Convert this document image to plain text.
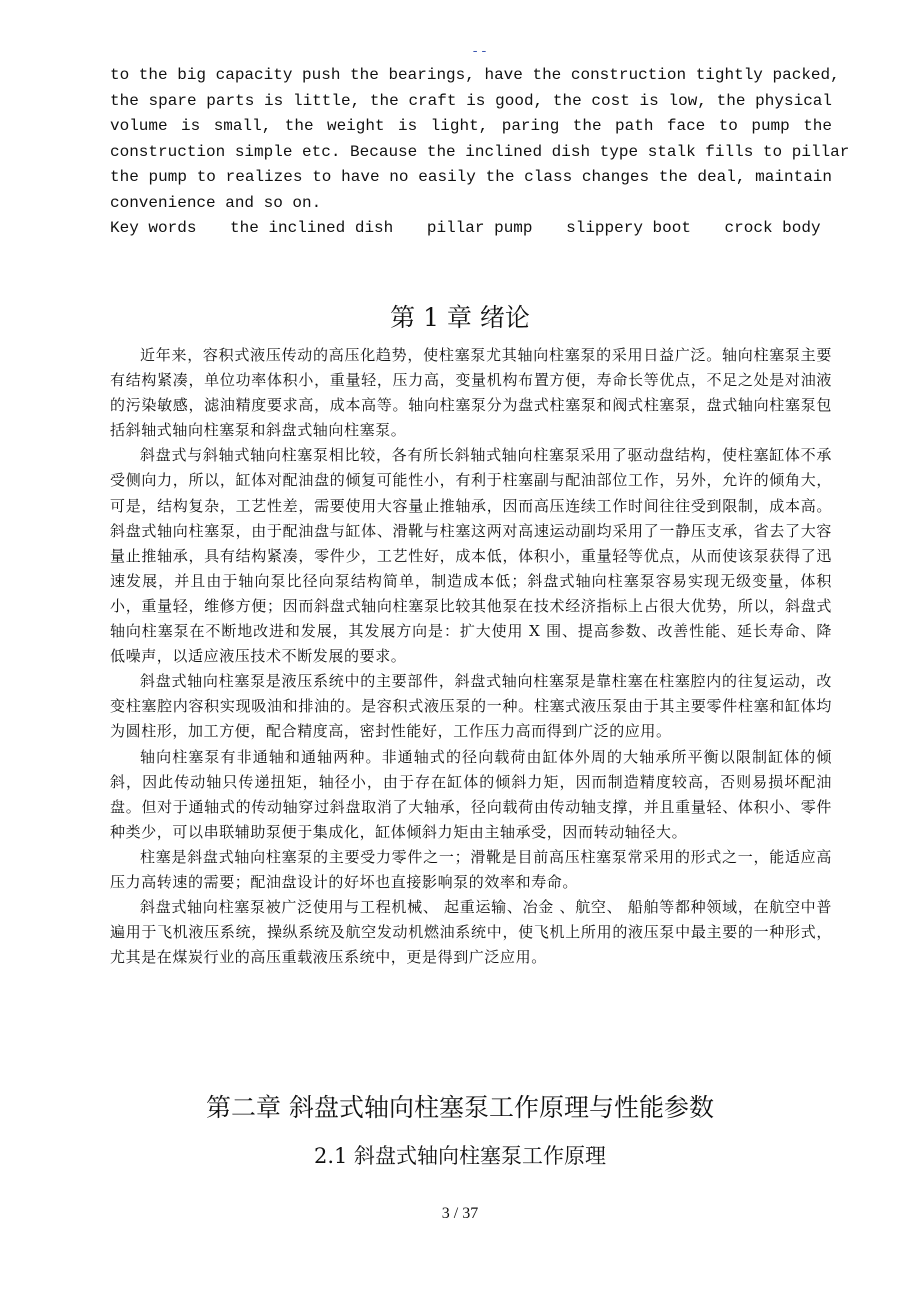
--
to the big capacity push the bearings, have the construction tightly packed,
the spare parts is little, the craft is good, the cost is low, the physical
volume is small, the weight is light, paring the path face to pump the
construction simple etc. Because the inclined dish type stalk fills to pillar
the pump to realizes to have no easily the class changes the deal, maintain
convenience and so on.
Key words the inclined dish pillar pump slippery boot crock body
第 1 章 绪论

近年来，容积式液压传动的高压化趋势，使柱塞泵尤其轴向柱塞泵的采用日益广泛。轴向柱塞泵主要有结构紧凑，单位功率体积小，重量轻，压力高，变量机构布置方便，寿命长等优点，不足之处是对油液的污染敏感，滤油精度要求高，成本高等。轴向柱塞泵分为盘式柱塞泵和阀式柱塞泵，盘式轴向柱塞泵包括斜轴式轴向柱塞泵和斜盘式轴向柱塞泵。

斜盘式与斜轴式轴向柱塞泵相比较，各有所长斜轴式轴向柱塞泵采用了驱动盘结构，使柱塞缸体不承受侧向力，所以，缸体对配油盘的倾复可能性小，有利于柱塞副与配油部位工作，另外，允许的倾角大，可是，结构复杂，工艺性差，需要使用大容量止推轴承，因而高压连续工作时间往往受到限制，成本高。斜盘式轴向柱塞泵，由于配油盘与缸体、滑靴与柱塞这两对高速运动副均采用了一静压支承，省去了大容量止推轴承，具有结构紧凑，零件少，工艺性好，成本低，体积小，重量轻等优点，从而使该泵获得了迅速发展，并且由于轴向泵比径向泵结构简单，制造成本低；斜盘式轴向柱塞泵容易实现无级变量，体积小，重量轻，维修方便；因而斜盘式轴向柱塞泵比较其他泵在技术经济指标上占很大优势，所以，斜盘式轴向柱塞泵在不断地改进和发展，其发展方向是：扩大使用 X 围、提高参数、改善性能、延长寿命、降低噪声，以适应液压技术不断发展的要求。

斜盘式轴向柱塞泵是液压系统中的主要部件，斜盘式轴向柱塞泵是靠柱塞在柱塞腔内的往复运动，改变柱塞腔内容积实现吸油和排油的。是容积式液压泵的一种。柱塞式液压泵由于其主要零件柱塞和缸体均为圆柱形，加工方便，配合精度高，密封性能好，工作压力高而得到广泛的应用。

轴向柱塞泵有非通轴和通轴两种。非通轴式的径向载荷由缸体外周的大轴承所平衡以限制缸体的倾斜，因此传动轴只传递扭矩，轴径小，由于存在缸体的倾斜力矩，因而制造精度较高，否则易损坏配油盘。但对于通轴式的传动轴穿过斜盘取消了大轴承，径向载荷由传动轴支撑，并且重量轻、体积小、零件种类少，可以串联辅助泵便于集成化，缸体倾斜力矩由主轴承受，因而转动轴径大。

柱塞是斜盘式轴向柱塞泵的主要受力零件之一；滑靴是目前高压柱塞泵常采用的形式之一，能适应高压力高转速的需要；配油盘设计的好坏也直接影响泵的效率和寿命。

斜盘式轴向柱塞泵被广泛使用与工程机械、 起重运输、冶金 、航空、 船舶等都种领域，在航空中普遍用于飞机液压系统，操纵系统及航空发动机燃油系统中，使飞机上所用的液压泵中最主要的一种形式，尤其是在煤炭行业的高压重载液压系统中，更是得到广泛应用。

第二章 斜盘式轴向柱塞泵工作原理与性能参数
2.1 斜盘式轴向柱塞泵工作原理
3 / 37
